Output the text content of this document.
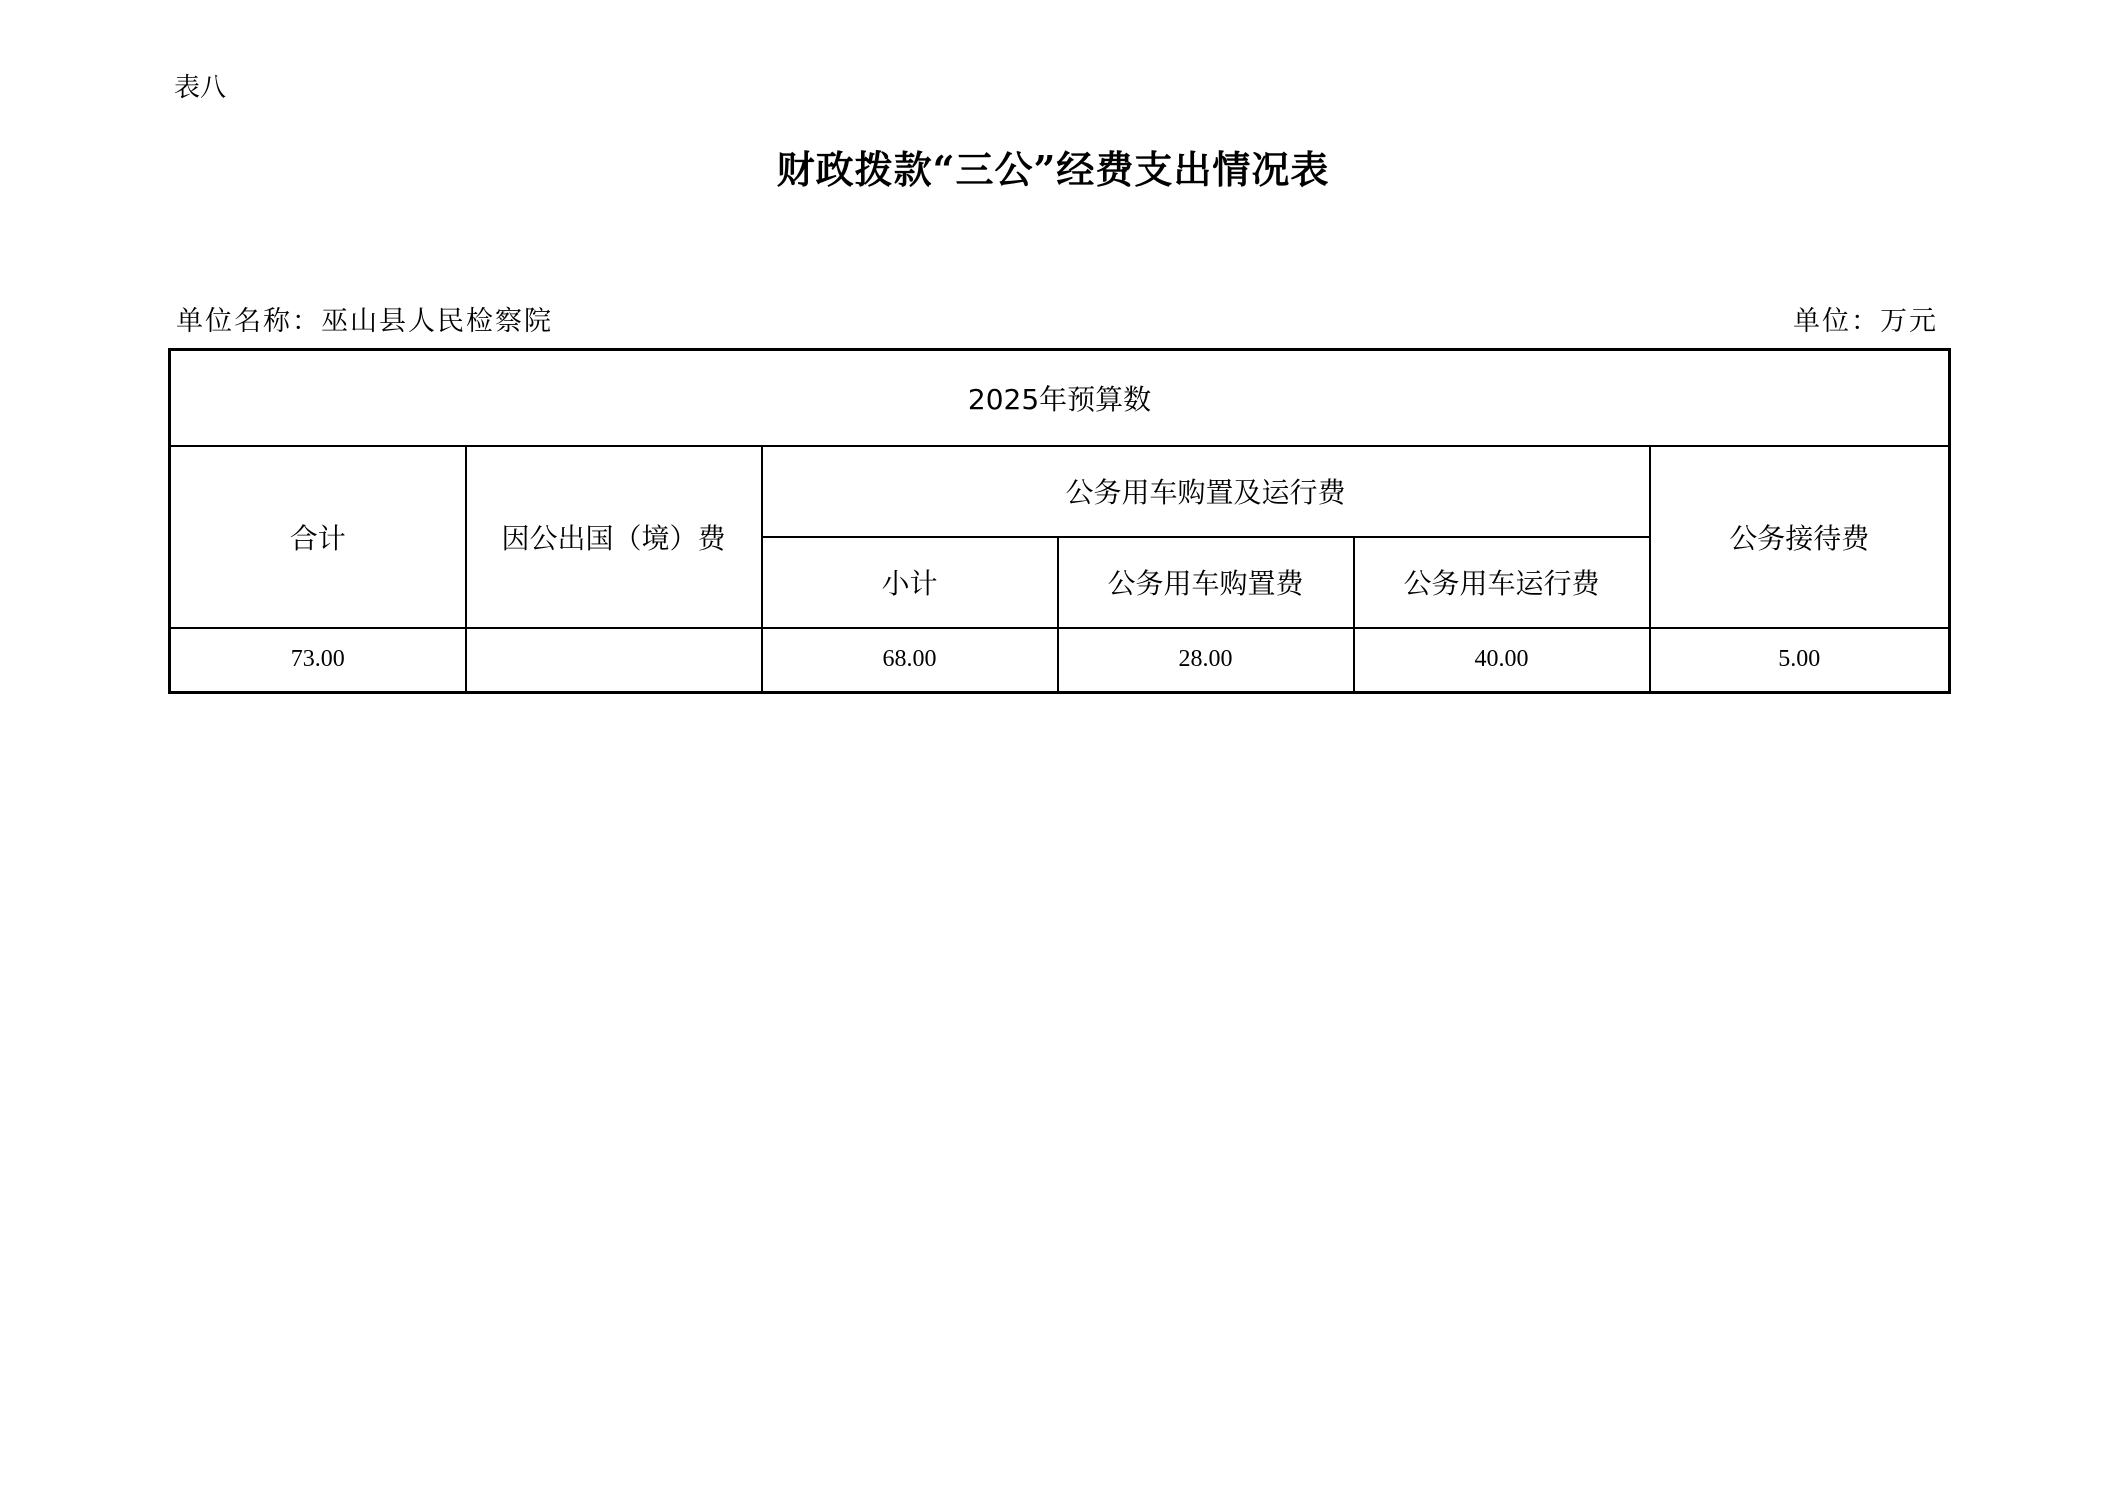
表八
财政拨款“三公”经费支出情况表
单位名称：巫山县人民检察院	单位：万元
2025年预算数					
合计	因公出国（境）费	公务用车购置及运行费			公务接待费
		小计	公务用车购置费	公务用车运行费	
73.00		68.00	28.00	40.00	5.00
